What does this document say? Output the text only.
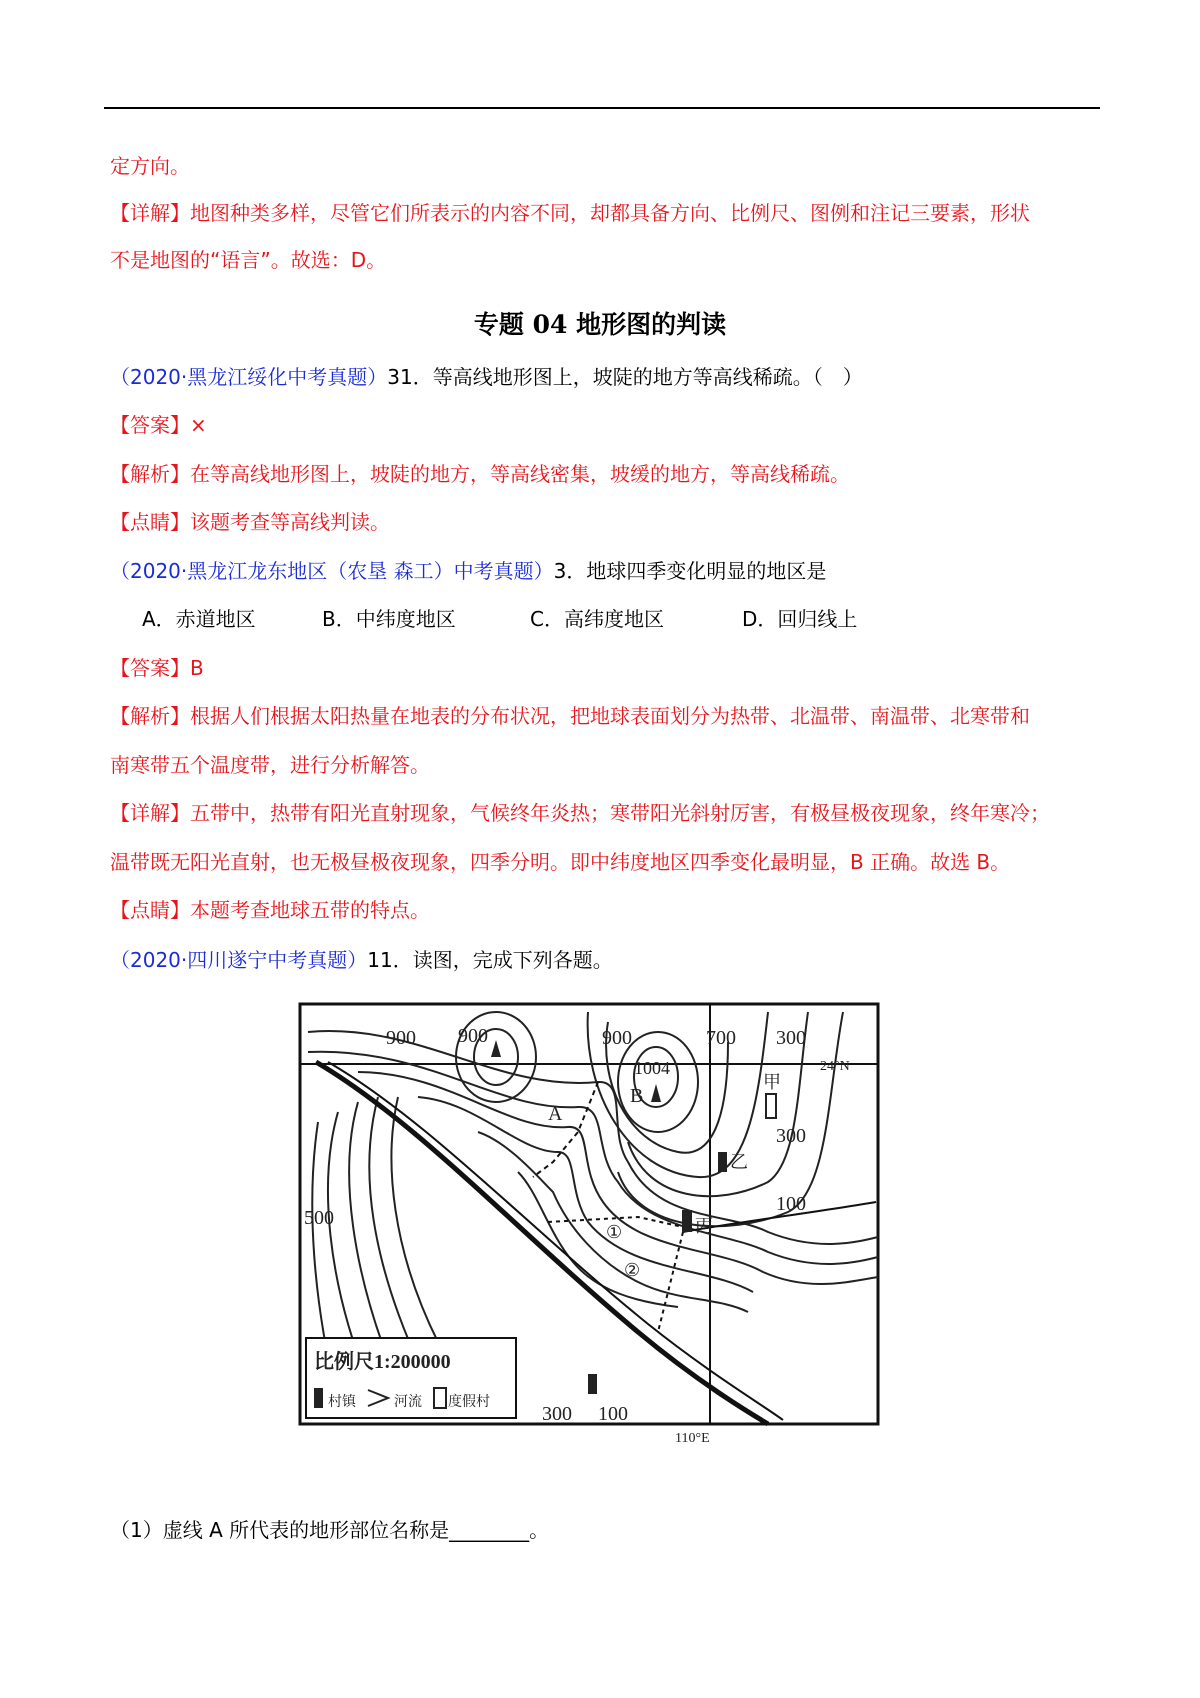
定方向。
【详解】地图种类多样，尽管它们所表示的内容不同，却都具备方向、比例尺、图例和注记三要素，形状
不是地图的“语言”。故选：D。
专题 04 地形图的判读
（2020·黑龙江绥化中考真题）31．等高线地形图上，坡陡的地方等高线稀疏。（　）
【答案】×
【解析】在等高线地形图上，坡陡的地方，等高线密集，坡缓的地方，等高线稀疏。
【点睛】该题考查等高线判读。
（2020·黑龙江龙东地区（农垦 森工）中考真题）3．地球四季变化明显的地区是
A．赤道地区	B．中纬度地区	C．高纬度地区	D．回归线上
【答案】B
【解析】根据人们根据太阳热量在地表的分布状况，把地球表面划分为热带、北温带、南温带、北寒带和
南寒带五个温度带，进行分析解答。
【详解】五带中，热带有阳光直射现象，气候终年炎热；寒带阳光斜射厉害，有极昼极夜现象，终年寒冷；
温带既无阳光直射，也无极昼极夜现象，四季分明。即中纬度地区四季变化最明显，B 正确。故选 B。
【点睛】本题考查地球五带的特点。
（2020·四川遂宁中考真题）11．读图，完成下列各题。
900 900	900	700 300
1004
300
100
500
300 100
A
B
甲
乙
丙
①
②
24°N
110°E
比例尺1:200000
村镇	河流 度假村
（1）虚线 A 所代表的地形部位名称是________。
